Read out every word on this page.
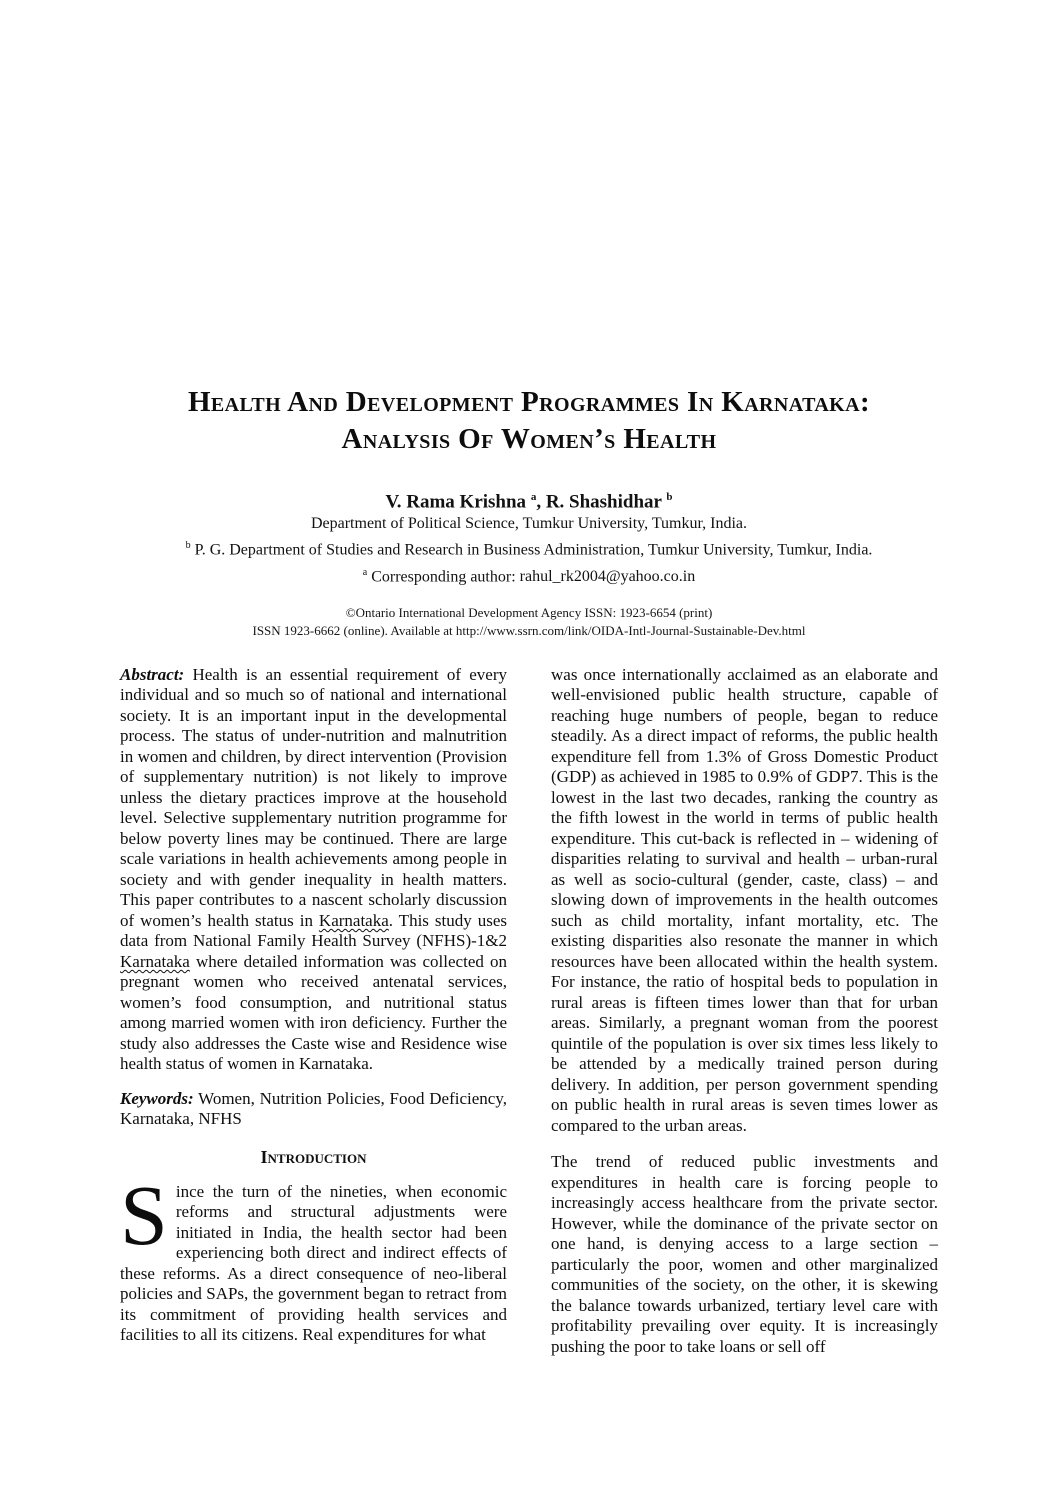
Health And Development Programmes In Karnataka:
Analysis Of Women’s Health
V. Rama Krishna $^a$, R. Shashidhar $^b$
Department of Political Science, Tumkur University, Tumkur, India.
$^b$ P. G. Department of Studies and Research in Business Administration, Tumkur University, Tumkur, India.
$^a$ Corresponding author: rahul_rk2004@yahoo.co.in
©Ontario International Development Agency ISSN: 1923-6654 (print)
ISSN 1923-6662 (online). Available at http://www.ssrn.com/link/OIDA-Intl-Journal-Sustainable-Dev.html

Abstract: Health is an essential requirement of every individual and so much so of national and international society. It is an important input in the developmental process. The status of under-nutrition and malnutrition in women and children, by direct intervention (Provision of supplementary nutrition) is not likely to improve unless the dietary practices improve at the household level. Selective supplementary nutrition programme for below poverty lines may be continued. There are large scale variations in health achievements among people in society and with gender inequality in health matters. This paper contributes to a nascent scholarly discussion of women’s health status in Karnataka. This study uses data from National Family Health Survey (NFHS)-1&2 Karnataka where detailed information was collected on pregnant women who received antenatal services, women’s food consumption, and nutritional status among married women with iron deficiency. Further the study also addresses the Caste wise and Residence wise health status of women in Karnataka.

Keywords: Women, Nutrition Policies, Food Deficiency, Karnataka, NFHS

Introduction

Since the turn of the nineties, when economic reforms and structural adjustments were initiated in India, the health sector had been experiencing both direct and indirect effects of these reforms. As a direct consequence of neo-liberal policies and SAPs, the government began to retract from its commitment of providing health services and facilities to all its citizens. Real expenditures for what

was once internationally acclaimed as an elaborate and well-envisioned public health structure, capable of reaching huge numbers of people, began to reduce steadily. As a direct impact of reforms, the public health expenditure fell from 1.3% of Gross Domestic Product (GDP) as achieved in 1985 to 0.9% of GDP7. This is the lowest in the last two decades, ranking the country as the fifth lowest in the world in terms of public health expenditure. This cut-back is reflected in – widening of disparities relating to survival and health – urban-rural as well as socio-cultural (gender, caste, class) – and slowing down of improvements in the health outcomes such as child mortality, infant mortality, etc. The existing disparities also resonate the manner in which resources have been allocated within the health system. For instance, the ratio of hospital beds to population in rural areas is fifteen times lower than that for urban areas. Similarly, a pregnant woman from the poorest quintile of the population is over six times less likely to be attended by a medically trained person during delivery. In addition, per person government spending on public health in rural areas is seven times lower as compared to the urban areas.

The trend of reduced public investments and expenditures in health care is forcing people to increasingly access healthcare from the private sector. However, while the dominance of the private sector on one hand, is denying access to a large section – particularly the poor, women and other marginalized communities of the society, on the other, it is skewing the balance towards urbanized, tertiary level care with profitability prevailing over equity. It is increasingly pushing the poor to take loans or sell off
